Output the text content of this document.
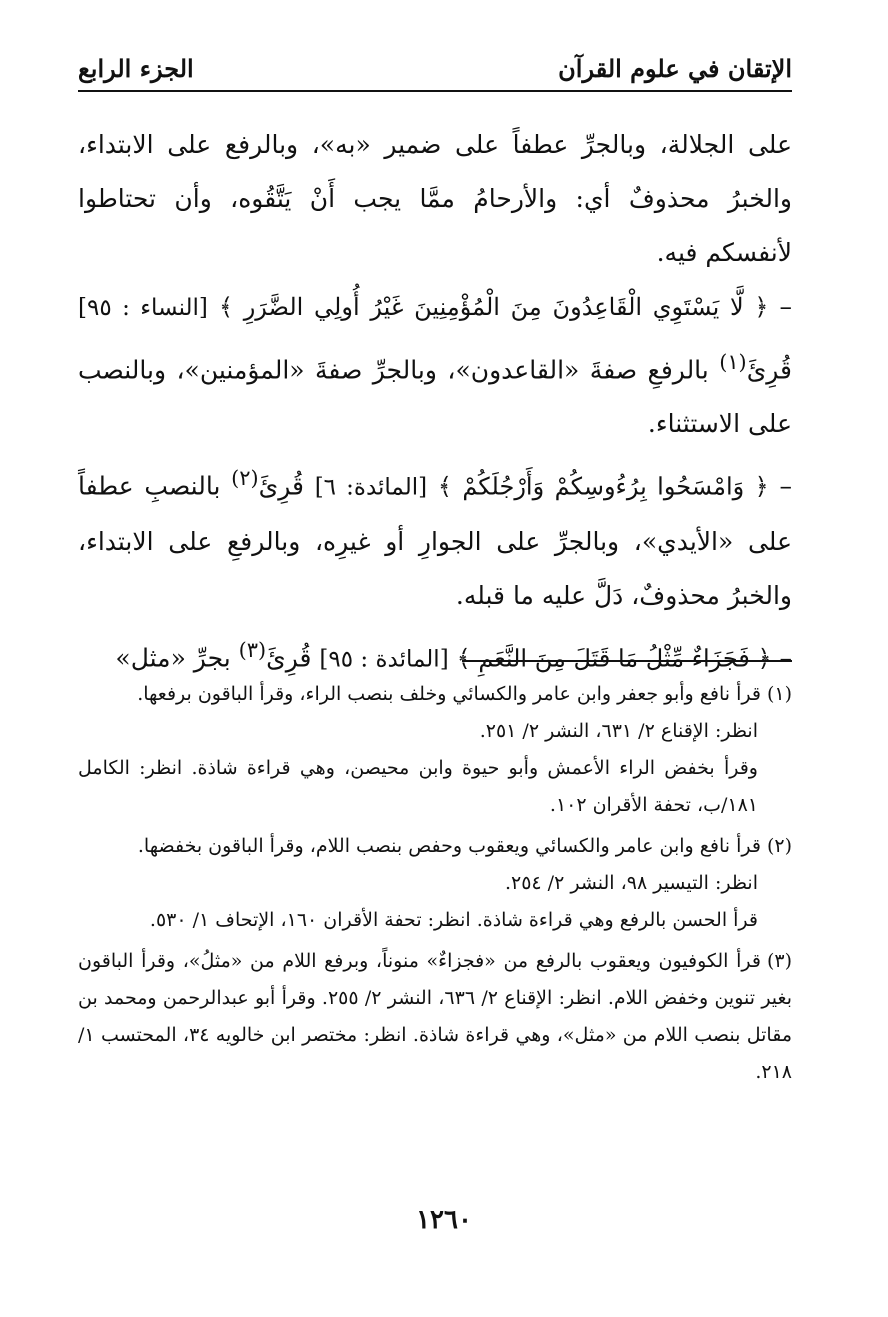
الإتقان في علوم القرآن
الجزء الرابع

على الجلالة، وبالجرِّ عطفاً على ضمير «به»، وبالرفع على الابتداء، والخبرُ محذوفٌ أي: والأرحامُ ممَّا يجب أَنْ يَتَّقُوه، وأن تحتاطوا لأنفسكم فيه.

– ﴿ لَّا يَسْتَوِي الْقَاعِدُونَ مِنَ الْمُؤْمِنِينَ غَيْرُ أُولِي الضَّرَرِ ﴾ [النساء : ٩٥] قُرِئَ$^{(١)}$ بالرفعِ صفةَ «القاعدون»، وبالجرِّ صفةَ «المؤمنين»، وبالنصب على الاستثناء.

– ﴿ وَامْسَحُوا بِرُءُوسِكُمْ وَأَرْجُلَكُمْ ﴾ [المائدة: ٦] قُرِئَ$^{(٢)}$ بالنصبِ عطفاً على «الأيدي»، وبالجرِّ على الجوارِ أو غيرِه، وبالرفعِ على الابتداء، والخبرُ محذوفٌ، دَلَّ عليه ما قبله.

– ﴿ فَجَزَاءٌ مِّثْلُ مَا قَتَلَ مِنَ النَّعَمِ ﴾ [المائدة : ٩٥] قُرِئَ$^{(٣)}$ بجرِّ «مثل»

(١)قرأ نافع وأبو جعفر وابن عامر والكسائي وخلف بنصب الراء، وقرأ الباقون برفعها.

انظر: الإقناع ٢/ ٦٣١، النشر ٢/ ٢٥١.

وقرأ بخفض الراء الأعمش وأبو حيوة وابن محيصن، وهي قراءة شاذة. انظر: الكامل ١٨١/ب، تحفة الأقران ١٠٢.

(٢)قرأ نافع وابن عامر والكسائي ويعقوب وحفص بنصب اللام، وقرأ الباقون بخفضها.

انظر: التيسير ٩٨، النشر ٢/ ٢٥٤.

قرأ الحسن بالرفع وهي قراءة شاذة. انظر: تحفة الأقران ١٦٠، الإتحاف ١/ ٥٣٠.

(٣)قرأ الكوفيون ويعقوب بالرفع من «فجزاءٌ» منوناً، وبرفع اللام من «مثلُ»، وقرأ الباقون بغير تنوين وخفض اللام. انظر: الإقناع ٢/ ٦٣٦، النشر ٢/ ٢٥٥. وقرأ أبو عبدالرحمن ومحمد بن مقاتل بنصب اللام من «مثل»، وهي قراءة شاذة. انظر: مختصر ابن خالويه ٣٤، المحتسب ١/ ٢١٨.

١٢٦٠
